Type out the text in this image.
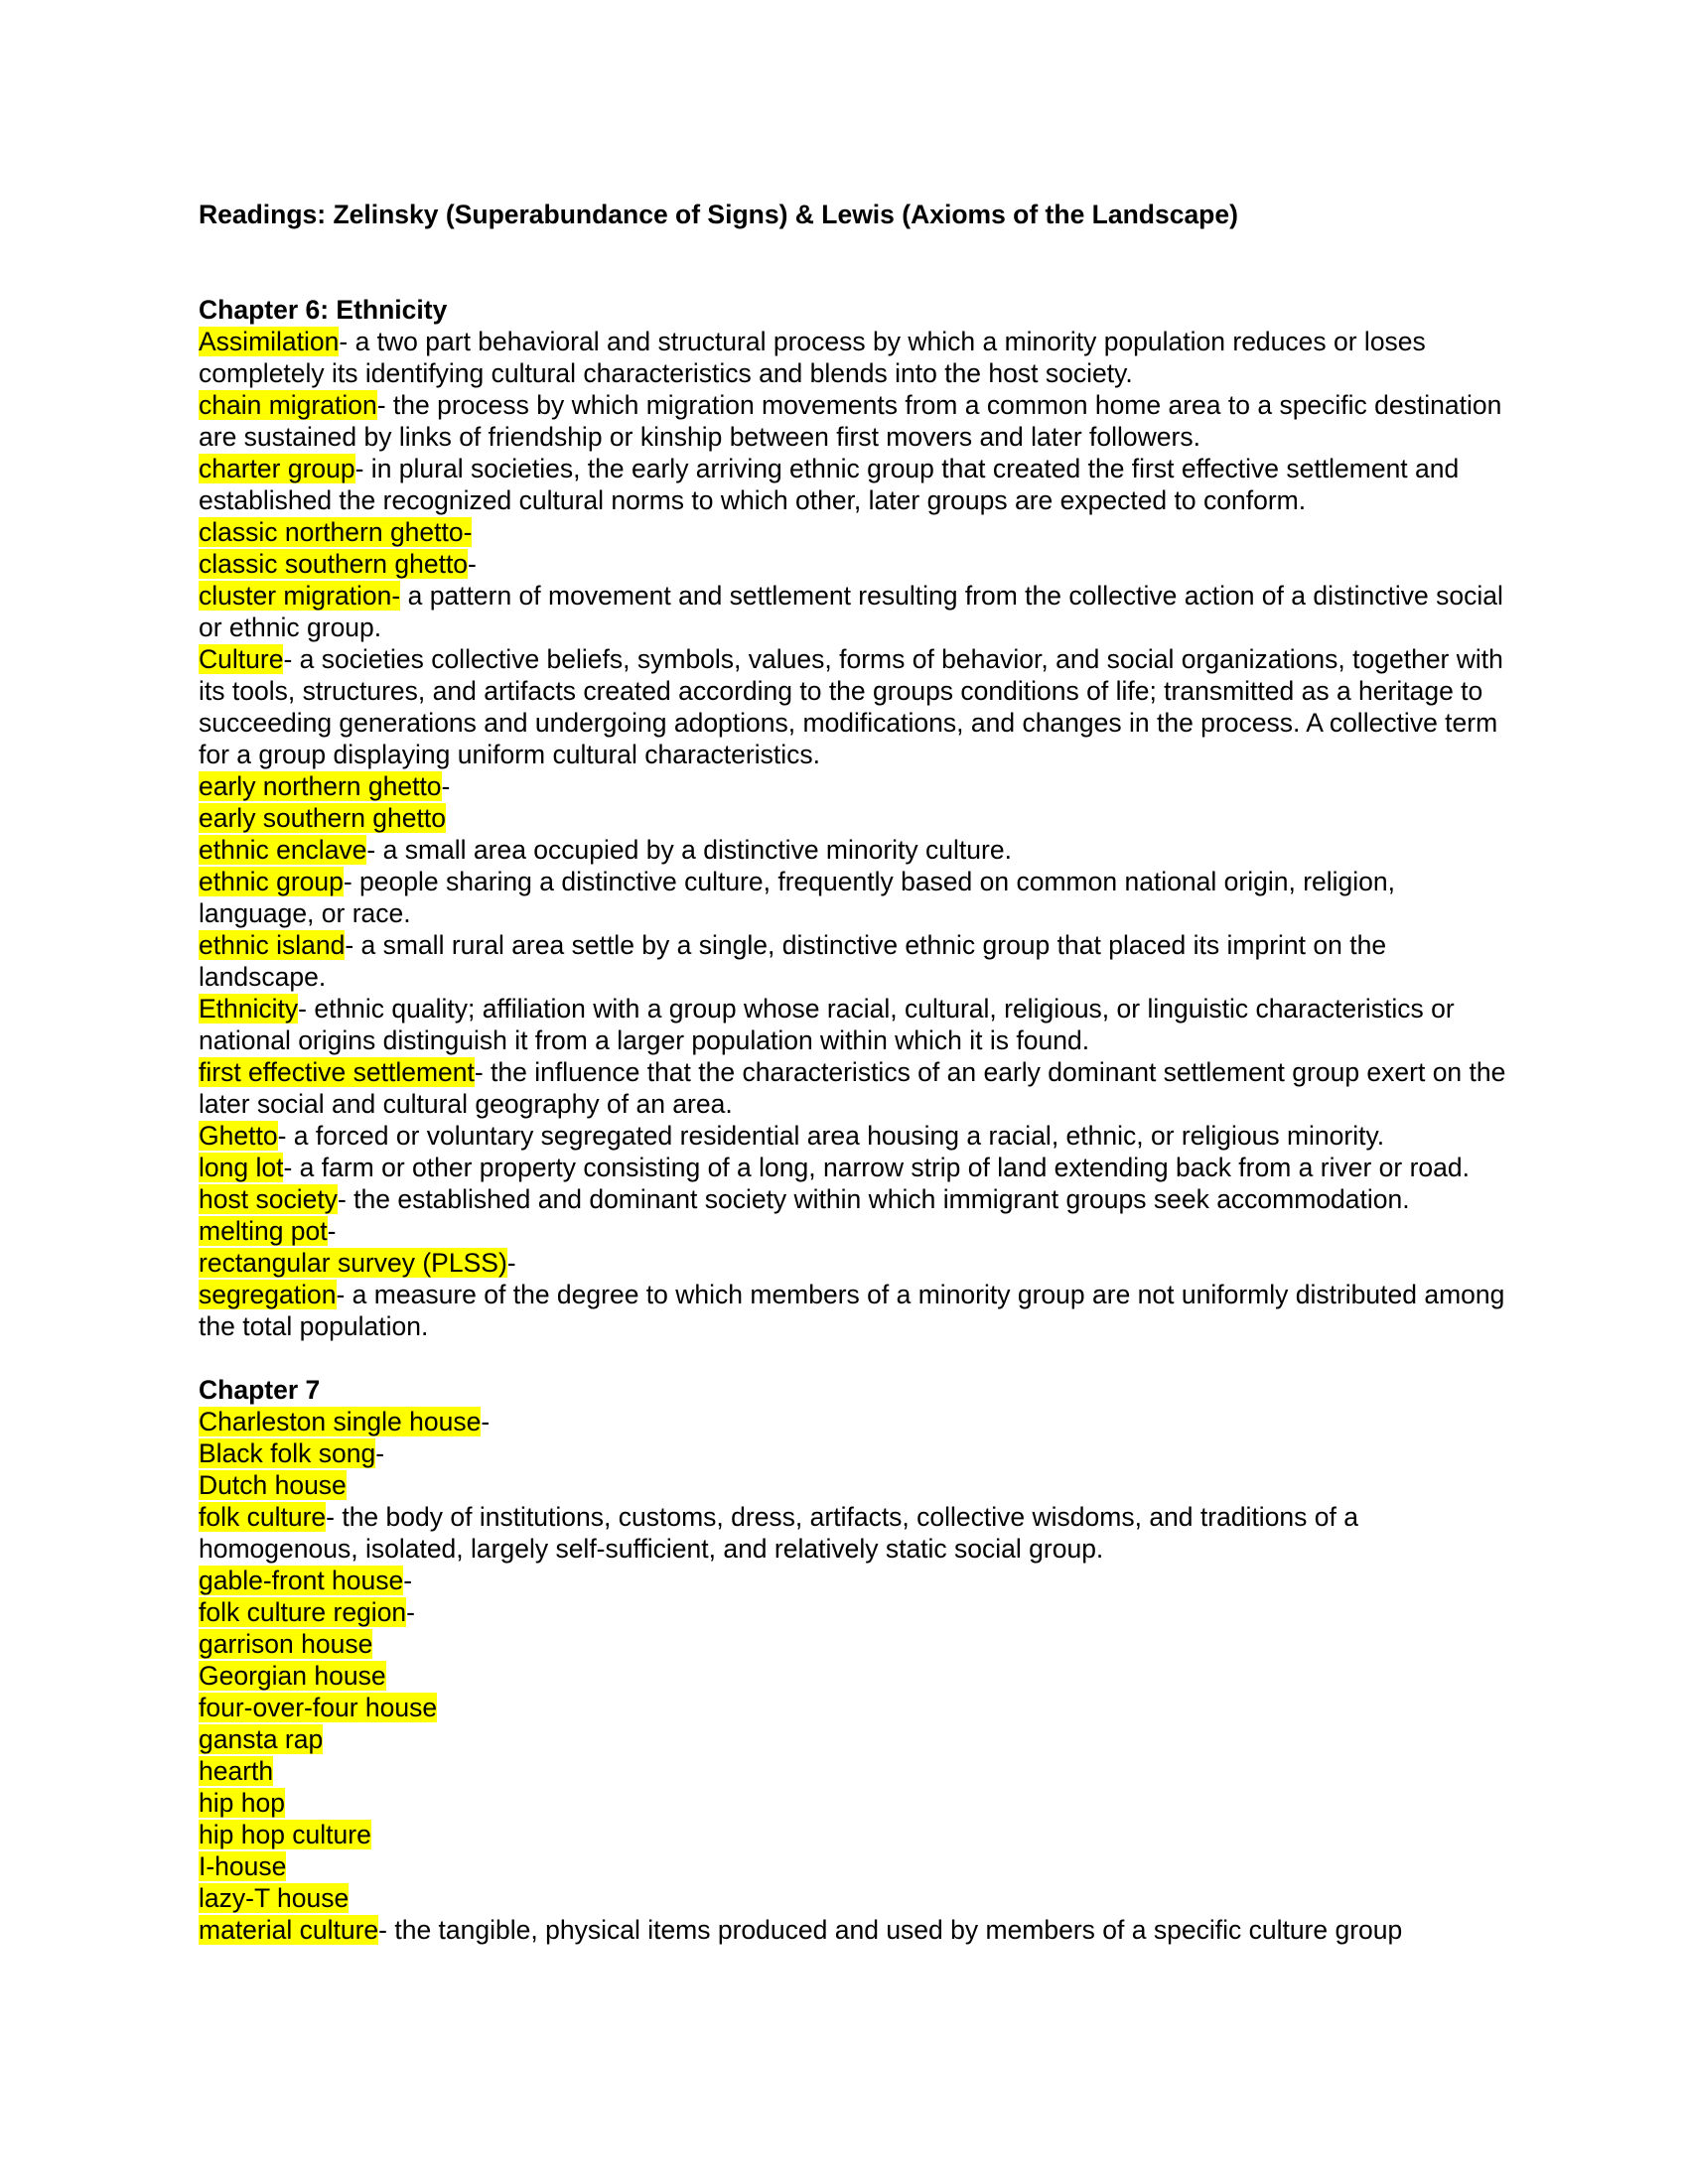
Readings: Zelinsky (Superabundance of Signs) & Lewis (Axioms of the Landscape)

Chapter 6: Ethnicity

Assimilation- a two part behavioral and structural process by which a minority population reduces or loses completely its identifying cultural characteristics and blends into the host society.

chain migration- the process by which migration movements from a common home area to a specific destination are sustained by links of friendship or kinship between first movers and later followers.

charter group- in plural societies, the early arriving ethnic group that created the first effective settlement and established the recognized cultural norms to which other, later groups are expected to conform.

classic northern ghetto-

classic southern ghetto-

cluster migration- a pattern of movement and settlement resulting from the collective action of a distinctive social or ethnic group.

Culture- a societies collective beliefs, symbols, values, forms of behavior, and social organizations, together with its tools, structures, and artifacts created according to the groups conditions of life; transmitted as a heritage to succeeding generations and undergoing adoptions, modifications, and changes in the process. A collective term for a group displaying uniform cultural characteristics.

early northern ghetto-

early southern ghetto

ethnic enclave- a small area occupied by a distinctive minority culture.

ethnic group- people sharing a distinctive culture, frequently based on common national origin, religion, language, or race.

ethnic island- a small rural area settle by a single, distinctive ethnic group that placed its imprint on the landscape.

Ethnicity- ethnic quality; affiliation with a group whose racial, cultural, religious, or linguistic characteristics or national origins distinguish it from a larger population within which it is found.

first effective settlement- the influence that the characteristics of an early dominant settlement group exert on the later social and cultural geography of an area.

Ghetto- a forced or voluntary segregated residential area housing a racial, ethnic, or religious minority.

long lot- a farm or other property consisting of a long, narrow strip of land extending back from a river or road.

host society- the established and dominant society within which immigrant groups seek accommodation.

melting pot-

rectangular survey (PLSS)-

segregation- a measure of the degree to which members of a minority group are not uniformly distributed among the total population.

Chapter 7

Charleston single house-

Black folk song-

Dutch house

folk culture- the body of institutions, customs, dress, artifacts, collective wisdoms, and traditions of a homogenous, isolated, largely self-sufficient, and relatively static social group.

gable-front house-

folk culture region-

garrison house

Georgian house

four-over-four house

gansta rap

hearth

hip hop

hip hop culture

I-house

lazy-T house

material culture- the tangible, physical items produced and used by members of a specific culture group
